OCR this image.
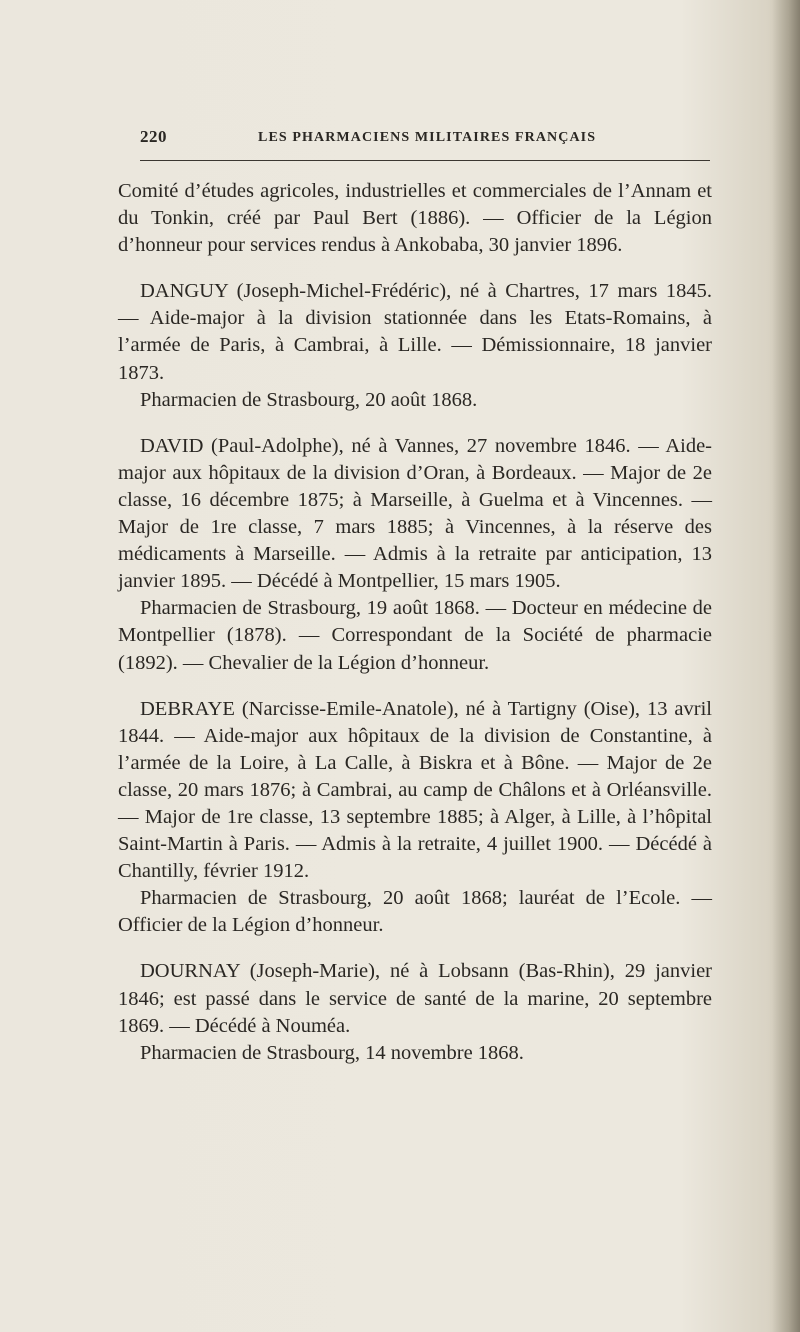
220	LES PHARMACIENS MILITAIRES FRANÇAIS

Comité d’études agricoles, industrielles et commerciales de l’Annam et du Tonkin, créé par Paul Bert (1886). — Officier de la Légion d’honneur pour services rendus à Ankobaba, 30 janvier 1896.

DANGUY (Joseph-Michel-Frédéric), né à Chartres, 17 mars 1845. — Aide-major à la division stationnée dans les Etats-Romains, à l’armée de Paris, à Cambrai, à Lille. — Démissionnaire, 18 janvier 1873.

Pharmacien de Strasbourg, 20 août 1868.

DAVID (Paul-Adolphe), né à Vannes, 27 novembre 1846. — Aide-major aux hôpitaux de la division d’Oran, à Bordeaux. — Major de 2e classe, 16 décembre 1875; à Marseille, à Guelma et à Vincennes. — Major de 1re classe, 7 mars 1885; à Vincennes, à la réserve des médicaments à Marseille. — Admis à la retraite par anticipation, 13 janvier 1895. — Décédé à Montpellier, 15 mars 1905.

Pharmacien de Strasbourg, 19 août 1868. — Docteur en médecine de Montpellier (1878). — Correspondant de la Société de pharmacie (1892). — Chevalier de la Légion d’honneur.

DEBRAYE (Narcisse-Emile-Anatole), né à Tartigny (Oise), 13 avril 1844. — Aide-major aux hôpitaux de la division de Constantine, à l’armée de la Loire, à La Calle, à Biskra et à Bône. — Major de 2e classe, 20 mars 1876; à Cambrai, au camp de Châlons et à Orléansville. — Major de 1re classe, 13 septembre 1885; à Alger, à Lille, à l’hôpital Saint-Martin à Paris. — Admis à la retraite, 4 juillet 1900. — Décédé à Chantilly, février 1912.

Pharmacien de Strasbourg, 20 août 1868; lauréat de l’Ecole. — Officier de la Légion d’honneur.

DOURNAY (Joseph-Marie), né à Lobsann (Bas-Rhin), 29 janvier 1846; est passé dans le service de santé de la marine, 20 septembre 1869. — Décédé à Nouméa.

Pharmacien de Strasbourg, 14 novembre 1868.
